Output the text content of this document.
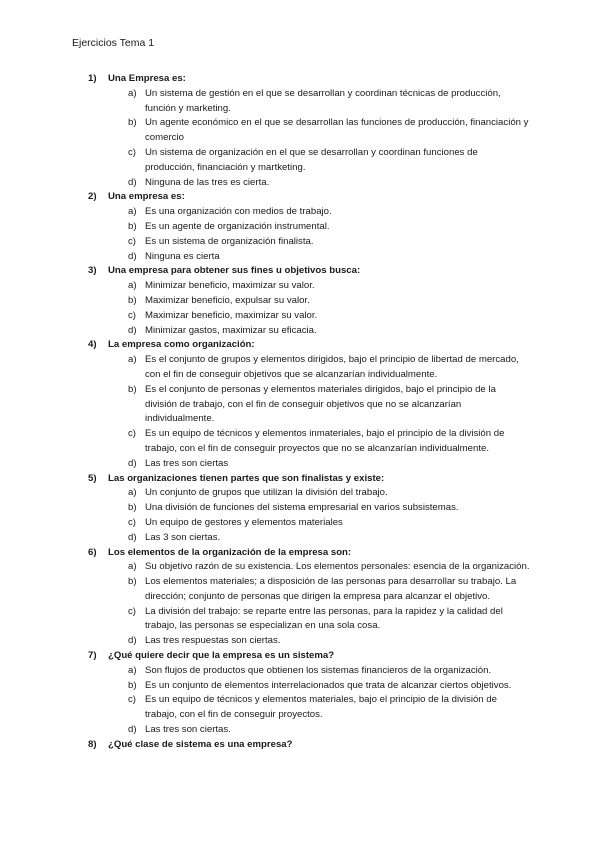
Ejercicios Tema 1
1) Una Empresa es:
a) Un sistema de gestión en el que se desarrollan y coordinan técnicas de producción, función y marketing.
b) Un agente económico en el que se desarrollan las funciones de producción, financiación y comercio
c) Un sistema de organización en el que se desarrollan y coordinan funciones de producción, financiación y martketing.
d) Ninguna de las tres es cierta.
2) Una empresa es:
a) Es una organización con medios de trabajo.
b) Es un agente de organización instrumental.
c) Es un sistema de organización finalista.
d) Ninguna es cierta
3) Una empresa para obtener sus fines u objetivos busca:
a) Minimizar beneficio, maximizar su valor.
b) Maximizar beneficio, expulsar su valor.
c) Maximizar beneficio, maximizar su valor.
d) Minimizar gastos, maximizar su eficacia.
4) La empresa como organización:
a) Es el conjunto de grupos y elementos dirigidos, bajo el principio de libertad de mercado, con el fin de conseguir objetivos que se alcanzarían individualmente.
b) Es el conjunto de personas y elementos materiales dirigidos, bajo el principio de la división de trabajo, con el fin de conseguir objetivos que no se alcanzarían individualmente.
c) Es un equipo de técnicos y elementos inmateriales, bajo el principio de la división de trabajo, con el fin de conseguir proyectos que no se alcanzarían individualmente.
d) Las tres son ciertas
5) Las organizaciones tienen partes que son finalistas y existe:
a) Un conjunto de grupos que utilizan la división del trabajo.
b) Una división de funciones del sistema empresarial en varios subsistemas.
c) Un equipo de gestores y elementos materiales
d) Las 3 son ciertas.
6) Los elementos de la organización de la empresa son:
a) Su objetivo razón de su existencia. Los elementos personales: esencia de la organización.
b) Los elementos materiales; a disposición de las personas para desarrollar su trabajo. La dirección; conjunto de personas que dirigen la empresa para alcanzar el objetivo.
c) La división del trabajo: se reparte entre las personas, para la rapidez y la calidad del trabajo, las personas se especializan en una sola cosa.
d) Las tres respuestas son ciertas.
7) ¿Qué quiere decir que la empresa es un sistema?
a) Son flujos de productos que obtienen los sistemas financieros de la organización.
b) Es un conjunto de elementos interrelacionados que trata de alcanzar ciertos objetivos.
c) Es un equipo de técnicos y elementos materiales, bajo el principio de la división de trabajo, con el fin de conseguir proyectos.
d) Las tres son ciertas.
8) ¿Qué clase de sistema es una empresa?
